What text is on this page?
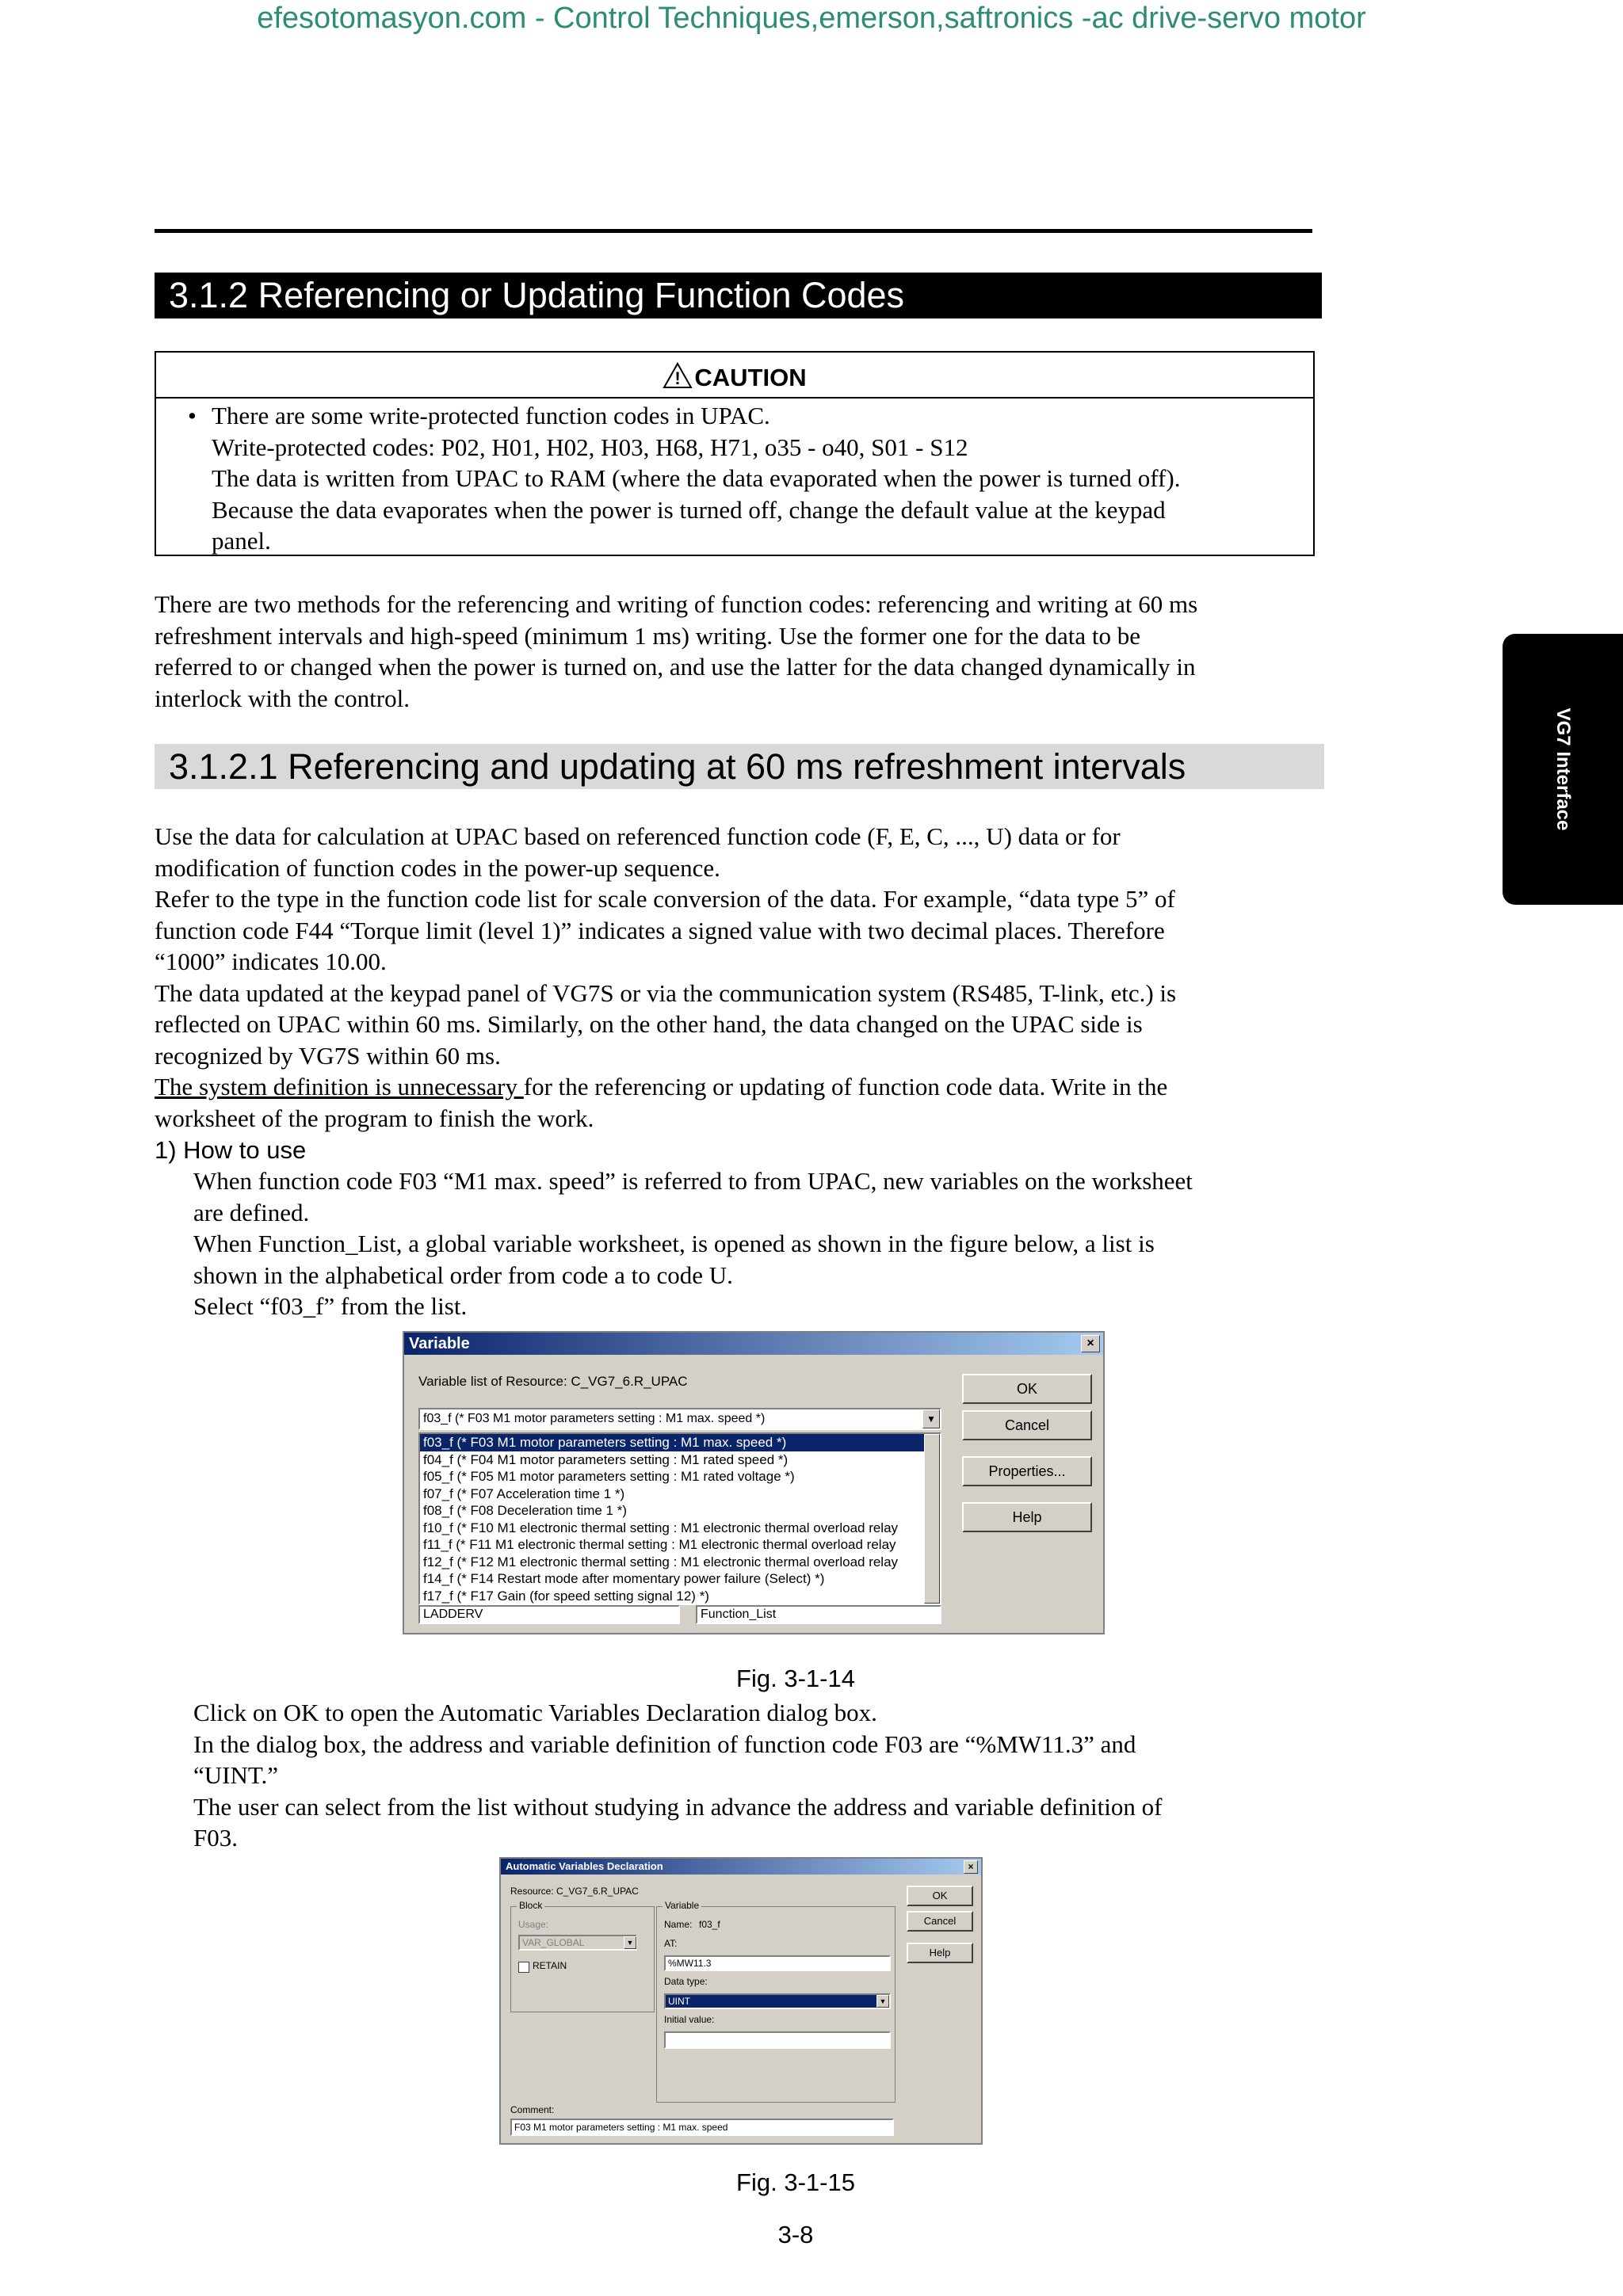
efesotomasyon.com - Control Techniques,emerson,saftronics -ac drive-servo motor
3.1.2 Referencing or Updating Function Codes
! CAUTION
• There are some write-protected function codes in UPAC.
Write-protected codes: P02, H01, H02, H03, H68, H71, o35 - o40, S01 - S12
The data is written from UPAC to RAM (where the data evaporated when the power is turned off).
Because the data evaporates when the power is turned off, change the default value at the keypad
panel.
There are two methods for the referencing and writing of function codes: referencing and writing at 60 ms
refreshment intervals and high-speed (minimum 1 ms) writing. Use the former one for the data to be
referred to or changed when the power is turned on, and use the latter for the data changed dynamically in
interlock with the control.
3.1.2.1 Referencing and updating at 60 ms refreshment intervals
Use the data for calculation at UPAC based on referenced function code (F, E, C, ..., U) data or for
modification of function codes in the power-up sequence.
Refer to the type in the function code list for scale conversion of the data. For example, “data type 5” of
function code F44 “Torque limit (level 1)” indicates a signed value with two decimal places. Therefore
“1000” indicates 10.00.
The data updated at the keypad panel of VG7S or via the communication system (RS485, T-link, etc.) is
reflected on UPAC within 60 ms. Similarly, on the other hand, the data changed on the UPAC side is
recognized by VG7S within 60 ms.
The system definition is unnecessary for the referencing or updating of function code data. Write in the
worksheet of the program to finish the work.
1) How to use
When function code F03 “M1 max. speed” is referred to from UPAC, new variables on the worksheet
are defined.
When Function_List, a global variable worksheet, is opened as shown in the figure below, a list is
shown in the alphabetical order from code a to code U.
Select “f03_f” from the list.
Variable	×
Variable list of Resource: C_VG7_6.R_UPAC
f03_f (* F03 M1 motor parameters setting : M1 max. speed *)	▼
f03_f (* F03 M1 motor parameters setting : M1 max. speed *)
f04_f (* F04 M1 motor parameters setting : M1 rated speed *)
f05_f (* F05 M1 motor parameters setting : M1 rated voltage *)
f07_f (* F07 Acceleration time 1 *)
f08_f (* F08 Deceleration time 1 *)
f10_f (* F10 M1 electronic thermal setting : M1 electronic thermal overload relay
f11_f (* F11 M1 electronic thermal setting : M1 electronic thermal overload relay
f12_f (* F12 M1 electronic thermal setting : M1 electronic thermal overload relay
f14_f (* F14 Restart mode after momentary power failure (Select) *)
f17_f (* F17 Gain (for speed setting signal 12) *)
LADDERV	Function_List
OK
Cancel
Properties...
Help
Fig. 3-1-14
Click on OK to open the Automatic Variables Declaration dialog box.
In the dialog box, the address and variable definition of function code F03 are “%MW11.3” and
“UINT.”
The user can select from the list without studying in advance the address and variable definition of
F03.
Automatic Variables Declaration	×
Resource: C_VG7_6.R_UPAC
Block
Usage:
VAR_GLOBAL	▼
RETAIN
Variable
Name: f03_f
AT:
%MW11.3
Data type:
UINT	▼
Initial value:
Comment:
F03 M1 motor parameters setting : M1 max. speed
OK
Cancel
Help
Fig. 3-1-15
3-8
VG7 Interface
